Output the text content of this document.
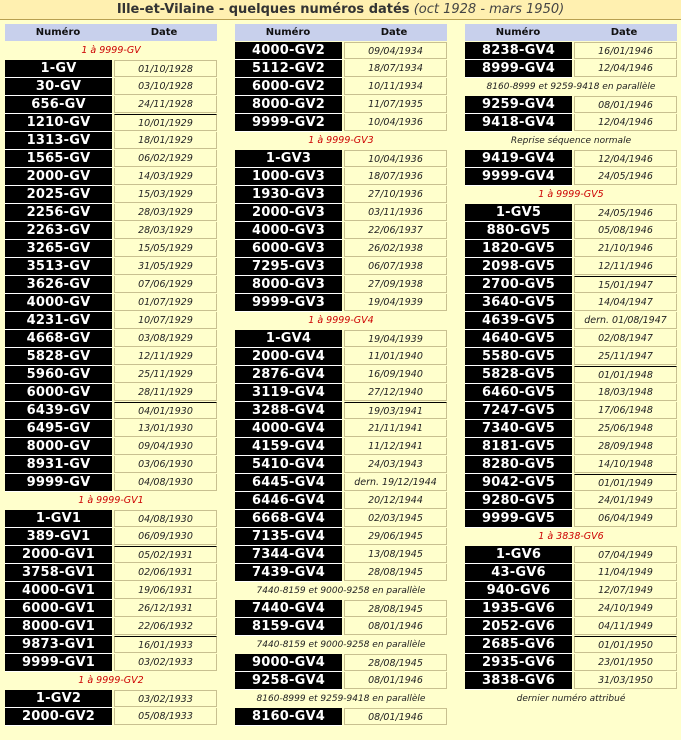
Ille-et-Vilaine - quelques numéros datés (oct 1928 - mars 1950)
Numéro	Date
1 à 9999-GV
1-GV	01/10/1928
30-GV	03/10/1928
656-GV	24/11/1928
1210-GV	10/01/1929
1313-GV	18/01/1929
1565-GV	06/02/1929
2000-GV	14/03/1929
2025-GV	15/03/1929
2256-GV	28/03/1929
2263-GV	28/03/1929
3265-GV	15/05/1929
3513-GV	31/05/1929
3626-GV	07/06/1929
4000-GV	01/07/1929
4231-GV	10/07/1929
4668-GV	03/08/1929
5828-GV	12/11/1929
5960-GV	25/11/1929
6000-GV	28/11/1929
6439-GV	04/01/1930
6495-GV	13/01/1930
8000-GV	09/04/1930
8931-GV	03/06/1930
9999-GV	04/08/1930
1 à 9999-GV1
1-GV1	04/08/1930
389-GV1	06/09/1930
2000-GV1	05/02/1931
3758-GV1	02/06/1931
4000-GV1	19/06/1931
6000-GV1	26/12/1931
8000-GV1	22/06/1932
9873-GV1	16/01/1933
9999-GV1	03/02/1933
1 à 9999-GV2
1-GV2	03/02/1933
2000-GV2	05/08/1933
Numéro	Date
4000-GV2	09/04/1934
5112-GV2	18/07/1934
6000-GV2	10/11/1934
8000-GV2	11/07/1935
9999-GV2	10/04/1936
1 à 9999-GV3
1-GV3	10/04/1936
1000-GV3	18/07/1936
1930-GV3	27/10/1936
2000-GV3	03/11/1936
4000-GV3	22/06/1937
6000-GV3	26/02/1938
7295-GV3	06/07/1938
8000-GV3	27/09/1938
9999-GV3	19/04/1939
1 à 9999-GV4
1-GV4	19/04/1939
2000-GV4	11/01/1940
2876-GV4	16/09/1940
3119-GV4	27/12/1940
3288-GV4	19/03/1941
4000-GV4	21/11/1941
4159-GV4	11/12/1941
5410-GV4	24/03/1943
6445-GV4	dern. 19/12/1944
6446-GV4	20/12/1944
6668-GV4	02/03/1945
7135-GV4	29/06/1945
7344-GV4	13/08/1945
7439-GV4	28/08/1945
7440-8159 et 9000-9258 en parallèle
7440-GV4	28/08/1945
8159-GV4	08/01/1946
7440-8159 et 9000-9258 en parallèle
9000-GV4	28/08/1945
9258-GV4	08/01/1946
8160-8999 et 9259-9418 en parallèle
8160-GV4	08/01/1946
Numéro	Date
8238-GV4	16/01/1946
8999-GV4	12/04/1946
8160-8999 et 9259-9418 en parallèle
9259-GV4	08/01/1946
9418-GV4	12/04/1946
Reprise séquence normale
9419-GV4	12/04/1946
9999-GV4	24/05/1946
1 à 9999-GV5
1-GV5	24/05/1946
880-GV5	05/08/1946
1820-GV5	21/10/1946
2098-GV5	12/11/1946
2700-GV5	15/01/1947
3640-GV5	14/04/1947
4639-GV5	dern. 01/08/1947
4640-GV5	02/08/1947
5580-GV5	25/11/1947
5828-GV5	01/01/1948
6460-GV5	18/03/1948
7247-GV5	17/06/1948
7340-GV5	25/06/1948
8181-GV5	28/09/1948
8280-GV5	14/10/1948
9042-GV5	01/01/1949
9280-GV5	24/01/1949
9999-GV5	06/04/1949
1 à 3838-GV6
1-GV6	07/04/1949
43-GV6	11/04/1949
940-GV6	12/07/1949
1935-GV6	24/10/1949
2052-GV6	04/11/1949
2685-GV6	01/01/1950
2935-GV6	23/01/1950
3838-GV6	31/03/1950
dernier numéro attribué
